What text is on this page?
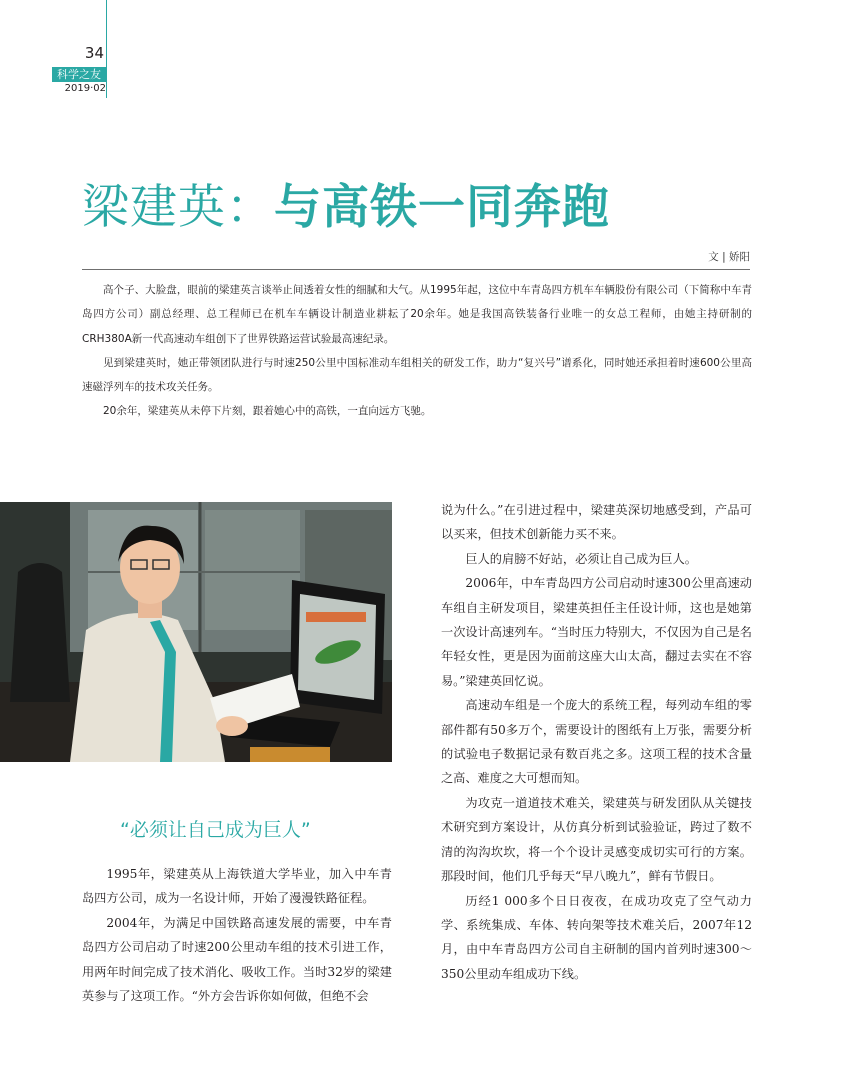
34
科学之友
2019·02
梁建英：与高铁一同奔跑
文 | 娇阳

高个子、大脸盘，眼前的梁建英言谈举止间透着女性的细腻和大气。从1995年起，这位中车青岛四方机车车辆股份有限公司（下简称中车青岛四方公司）副总经理、总工程师已在机车车辆设计制造业耕耘了20余年。她是我国高铁装备行业唯一的女总工程师，由她主持研制的CRH380A新一代高速动车组创下了世界铁路运营试验最高速纪录。

见到梁建英时，她正带领团队进行与时速250公里中国标准动车组相关的研发工作，助力“复兴号”谱系化，同时她还承担着时速600公里高速磁浮列车的技术攻关任务。

20余年，梁建英从未停下片刻，跟着她心中的高铁，一直向远方飞驰。

“必须让自己成为巨人”

1995年，梁建英从上海铁道大学毕业，加入中车青岛四方公司，成为一名设计师，开始了漫漫铁路征程。

2004年，为满足中国铁路高速发展的需要，中车青岛四方公司启动了时速200公里动车组的技术引进工作，用两年时间完成了技术消化、吸收工作。当时32岁的梁建英参与了这项工作。“外方会告诉你如何做，但绝不会

说为什么。”在引进过程中，梁建英深切地感受到，产品可以买来，但技术创新能力买不来。

巨人的肩膀不好站，必须让自己成为巨人。

2006年，中车青岛四方公司启动时速300公里高速动车组自主研发项目，梁建英担任主任设计师，这也是她第一次设计高速列车。“当时压力特别大，不仅因为自己是名年轻女性，更是因为面前这座大山太高，翻过去实在不容易。”梁建英回忆说。

高速动车组是一个庞大的系统工程，每列动车组的零部件都有50多万个，需要设计的图纸有上万张，需要分析的试验电子数据记录有数百兆之多。这项工程的技术含量之高、难度之大可想而知。

为攻克一道道技术难关，梁建英与研发团队从关键技术研究到方案设计，从仿真分析到试验验证，跨过了数不清的沟沟坎坎，将一个个设计灵感变成切实可行的方案。那段时间，他们几乎每天“早八晚九”，鲜有节假日。

历经1 000多个日日夜夜，在成功攻克了空气动力学、系统集成、车体、转向架等技术难关后，2007年12月，由中车青岛四方公司自主研制的国内首列时速300～350公里动车组成功下线。
